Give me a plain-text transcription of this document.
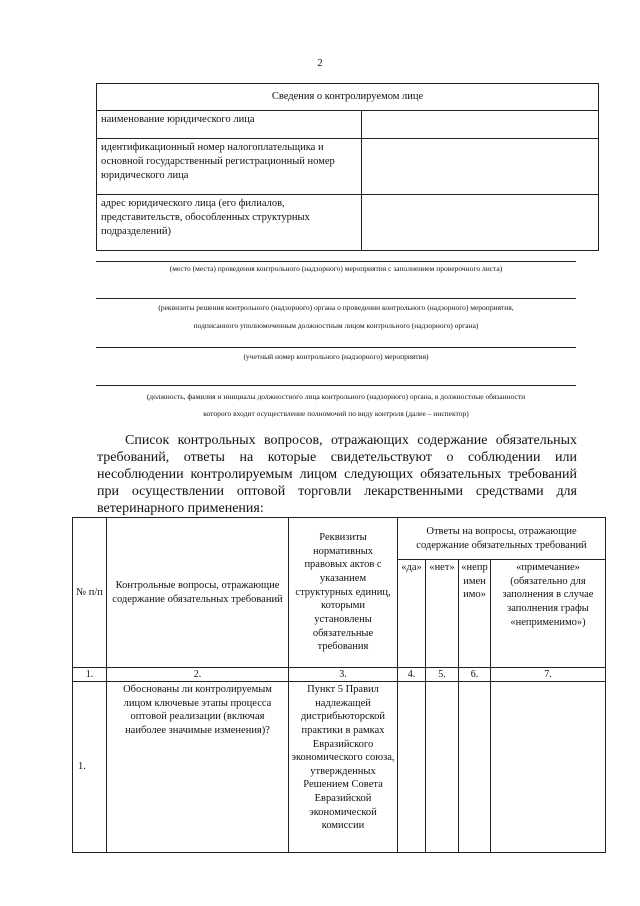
2
Сведения о контролируемом лице	
наименование юридического лица	
идентификационный номер налогоплательщика и основной государственный регистрационный номер юридического лица	
адрес юридического лица (его филиалов, представительств, обособленных структурных подразделений)	
(место (места) проведения контрольного (надзорного) мероприятия с заполнением проверочного листа)
(реквизиты решения контрольного (надзорного) органа о проведении контрольного (надзорного) мероприятия,
подписанного уполномоченным должностным лицом контрольного (надзорного) органа)
(учетный номер контрольного (надзорного) мероприятия)
(должность, фамилия и инициалы должностного лица контрольного (надзорного) органа, в должностные обязанности
которого входит осуществление полномочий по виду контроля (далее – инспектор)

Список контрольных вопросов, отражающих содержание обязательных требований, ответы на которые свидетельствуют о соблюдении или несоблюдении контролируемым лицом следующих обязательных требований при осуществлении оптовой торговли лекарственными средствами для ветеринарного применения:

№ п/п	Контрольные вопросы, отражающие содержание обязательных требований	Реквизиты нормативных правовых актов с указанием структурных единиц, которыми установлены обязательные требования	Ответы на вопросы, отражающие содержание обязательных требований			
			«да»	«нет»	«неприменимо»	«примечание» (обязательно для заполнения в случае заполнения графы «неприменимо»)
1.	2.	3.	4.	5.	6.	7.
1.	Обоснованы ли контролируемым лицом ключевые этапы процесса оптовой реализации (включая наиболее значимые изменения)?	Пункт 5 Правил надлежащей дистрибьюторской практики в рамках Евразийского экономического союза, утвержденных Решением Совета Евразийской экономической комиссии				
